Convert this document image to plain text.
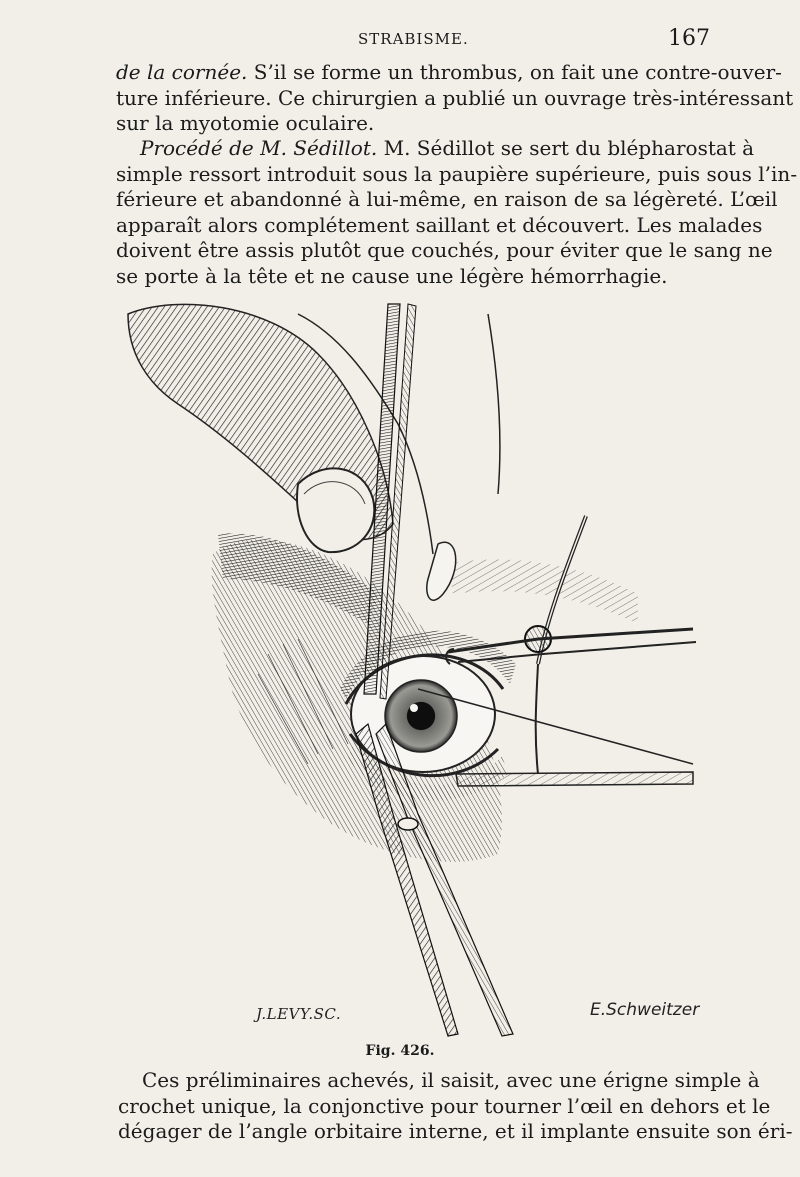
STRABISME.	167
de la cornée. S’il se forme un thrombus, on fait une contre-ouver-
ture inférieure. Ce chirurgien a publié un ouvrage très-intéressant
sur la myotomie oculaire.
Procédé de M. Sédillot. M. Sédillot se sert du blépharostat à
simple ressort introduit sous la paupière supérieure, puis sous l’in-
férieure et abandonné à lui-même, en raison de sa légèreté. L’œil
apparaît alors complétement saillant et découvert. Les malades
doivent être assis plutôt que couchés, pour éviter que le sang ne
se porte à la tête et ne cause une légère hémorrhagie.
J.LEVY.SC.	E.Schweitzer
Fig. 426.
Ces préliminaires achevés, il saisit, avec une érigne simple à
crochet unique, la conjonctive pour tourner l’œil en dehors et le
dégager de l’angle orbitaire interne, et il implante ensuite son éri-
